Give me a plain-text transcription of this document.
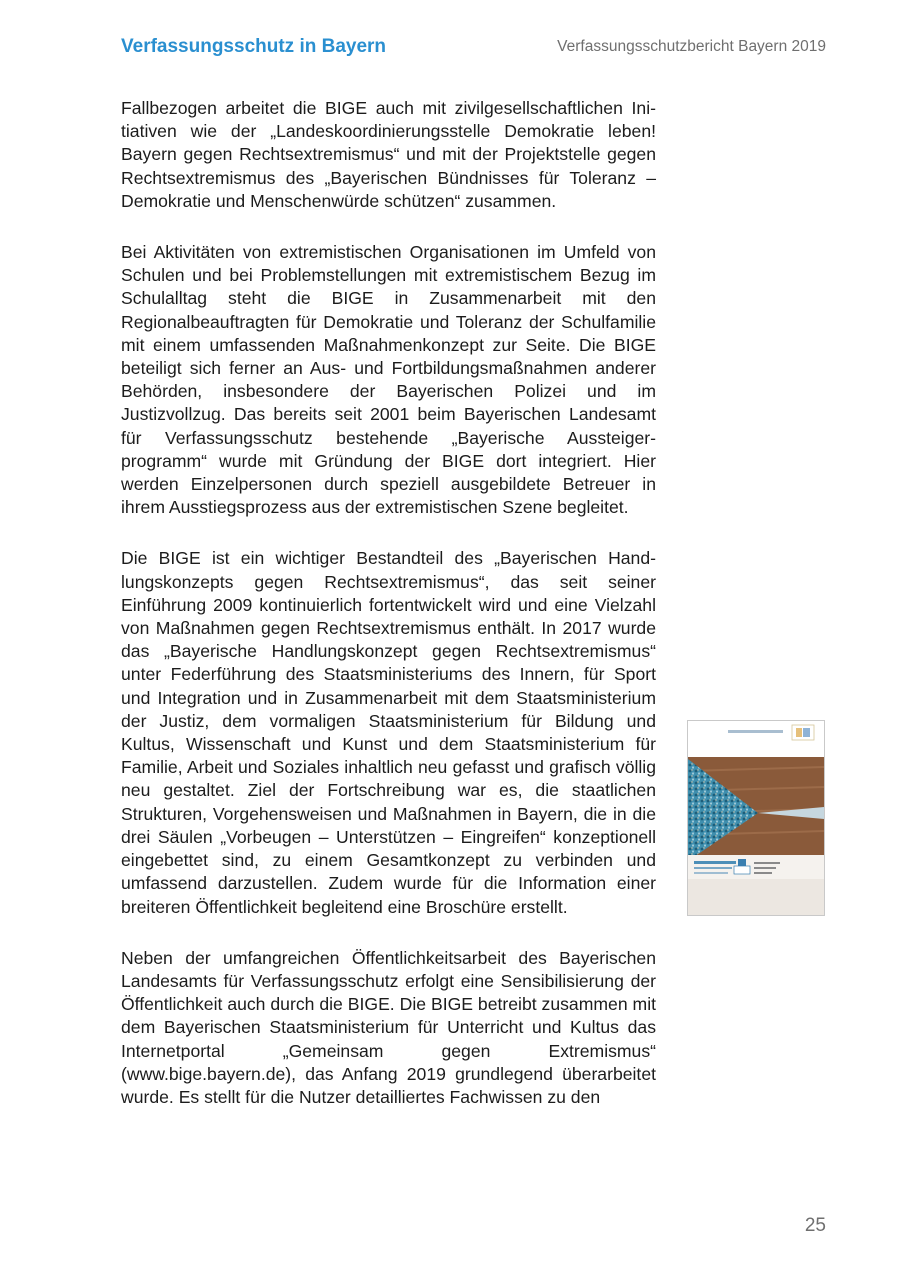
Verfassungsschutz in Bayern	Verfassungsschutzbericht Bayern 2019

Fallbezogen arbeitet die BIGE auch mit zivilgesellschaftlichen Initiativen wie der „Landeskoordinierungsstelle Demokratie leben! Bayern gegen Rechtsextremismus“ und mit der Projektstelle gegen Rechtsextremismus des „Bayerischen Bündnisses für Toleranz – Demokratie und Menschenwürde schützen“ zusammen.

Bei Aktivitäten von extremistischen Organisationen im Umfeld von Schulen und bei Problemstellungen mit extremistischem Bezug im Schulalltag steht die BIGE in Zusammenarbeit mit den Regionalbeauftragten für Demokratie und Toleranz der Schulfamilie mit einem umfassenden Maßnahmenkonzept zur Seite. Die BIGE beteiligt sich ferner an Aus- und Fortbildungsmaßnahmen anderer Behörden, insbesondere der Bayerischen Polizei und im Justizvollzug. Das bereits seit 2001 beim Bayerischen Landesamt für Verfassungsschutz bestehende „Bayerische Aussteigerprogramm“ wurde mit Gründung der BIGE dort integriert. Hier werden Einzelpersonen durch speziell ausgebildete Betreuer in ihrem Ausstiegsprozess aus der extremistischen Szene begleitet.

Die BIGE ist ein wichtiger Bestandteil des „Bayerischen Handlungskonzepts gegen Rechtsextremismus“, das seit seiner Einführung 2009 kontinuierlich fortentwickelt wird und eine Vielzahl von Maßnahmen gegen Rechtsextremismus enthält. In 2017 wurde das „Bayerische Handlungskonzept gegen Rechtsextremismus“ unter Federführung des Staatsministeriums des Innern, für Sport und Integration und in Zusammenarbeit mit dem Staatsministerium der Justiz, dem vormaligen Staatsministerium für Bildung und Kultus, Wissenschaft und Kunst und dem Staatsministerium für Familie, Arbeit und Soziales inhaltlich neu gefasst und grafisch völlig neu gestaltet. Ziel der Fortschreibung war es, die staatlichen Strukturen, Vorgehensweisen und Maßnahmen in Bayern, die in die drei Säulen „Vorbeugen – Unterstützen – Eingreifen“ konzeptionell eingebettet sind, zu einem Gesamtkonzept zu verbinden und umfassend darzustellen. Zudem wurde für die Information einer breiteren Öffentlichkeit begleitend eine Broschüre erstellt.

Neben der umfangreichen Öffentlichkeitsarbeit des Bayerischen Landesamts für Verfassungsschutz erfolgt eine Sensibilisierung der Öffentlichkeit auch durch die BIGE. Die BIGE betreibt zusammen mit dem Bayerischen Staatsministerium für Unterricht und Kultus das Internetportal „Gemeinsam gegen Extremismus“ (www.bige.bayern.de), das Anfang 2019 grundlegend überarbeitet wurde. Es stellt für die Nutzer detailliertes Fachwissen zu den

25
